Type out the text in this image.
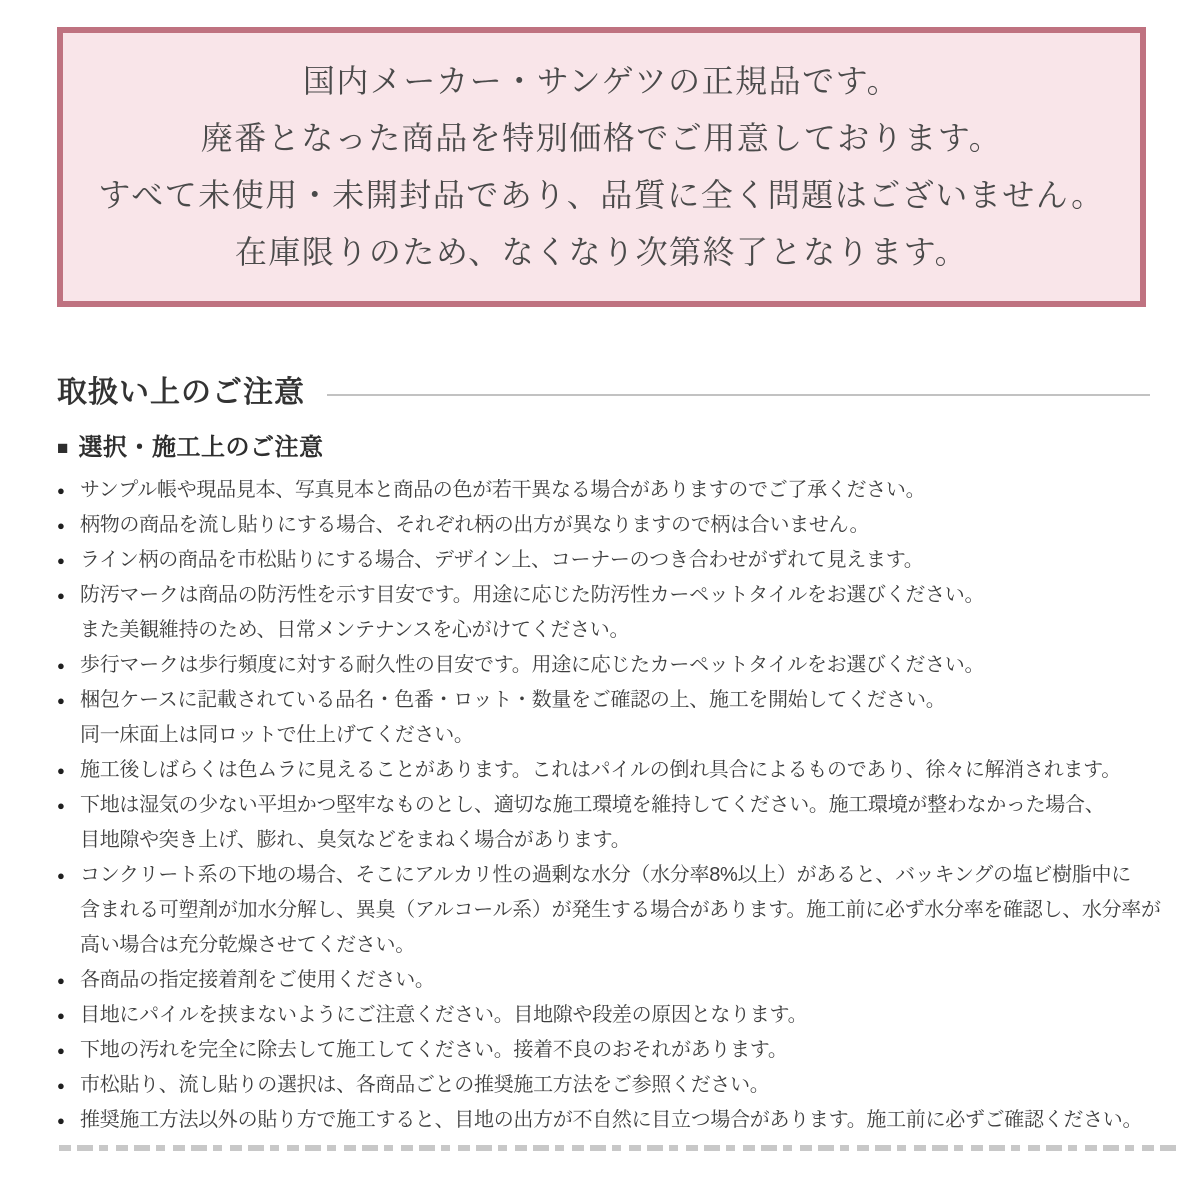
国内メーカー・サンゲツの正規品です。

廃番となった商品を特別価格でご用意しております。

すべて未使用・未開封品であり、品質に全く問題はございません。

在庫限りのため、なくなり次第終了となります。

取扱い上のご注意
■ 選択・施工上のご注意
● サンプル帳や現品見本、写真見本と商品の色が若干異なる場合がありますのでご了承ください。
● 柄物の商品を流し貼りにする場合、それぞれ柄の出方が異なりますので柄は合いません。
● ライン柄の商品を市松貼りにする場合、デザイン上、コーナーのつき合わせがずれて見えます。
● 防汚マークは商品の防汚性を示す目安です。用途に応じた防汚性カーペットタイルをお選びください。
また美観維持のため、日常メンテナンスを心がけてください。
● 歩行マークは歩行頻度に対する耐久性の目安です。用途に応じたカーペットタイルをお選びください。
● 梱包ケースに記載されている品名・色番・ロット・数量をご確認の上、施工を開始してください。
同一床面上は同ロットで仕上げてください。
● 施工後しばらくは色ムラに見えることがあります。これはパイルの倒れ具合によるものであり、徐々に解消されます。
● 下地は湿気の少ない平坦かつ堅牢なものとし、適切な施工環境を維持してください。施工環境が整わなかった場合、
目地隙や突き上げ、膨れ、臭気などをまねく場合があります。
● コンクリート系の下地の場合、そこにアルカリ性の過剰な水分（水分率8%以上）があると、バッキングの塩ビ樹脂中に
含まれる可塑剤が加水分解し、異臭（アルコール系）が発生する場合があります。施工前に必ず水分率を確認し、水分率が
高い場合は充分乾燥させてください。
● 各商品の指定接着剤をご使用ください。
● 目地にパイルを挟まないようにご注意ください。目地隙や段差の原因となります。
● 下地の汚れを完全に除去して施工してください。接着不良のおそれがあります。
● 市松貼り、流し貼りの選択は、各商品ごとの推奨施工方法をご参照ください。
● 推奨施工方法以外の貼り方で施工すると、目地の出方が不自然に目立つ場合があります。施工前に必ずご確認ください。
